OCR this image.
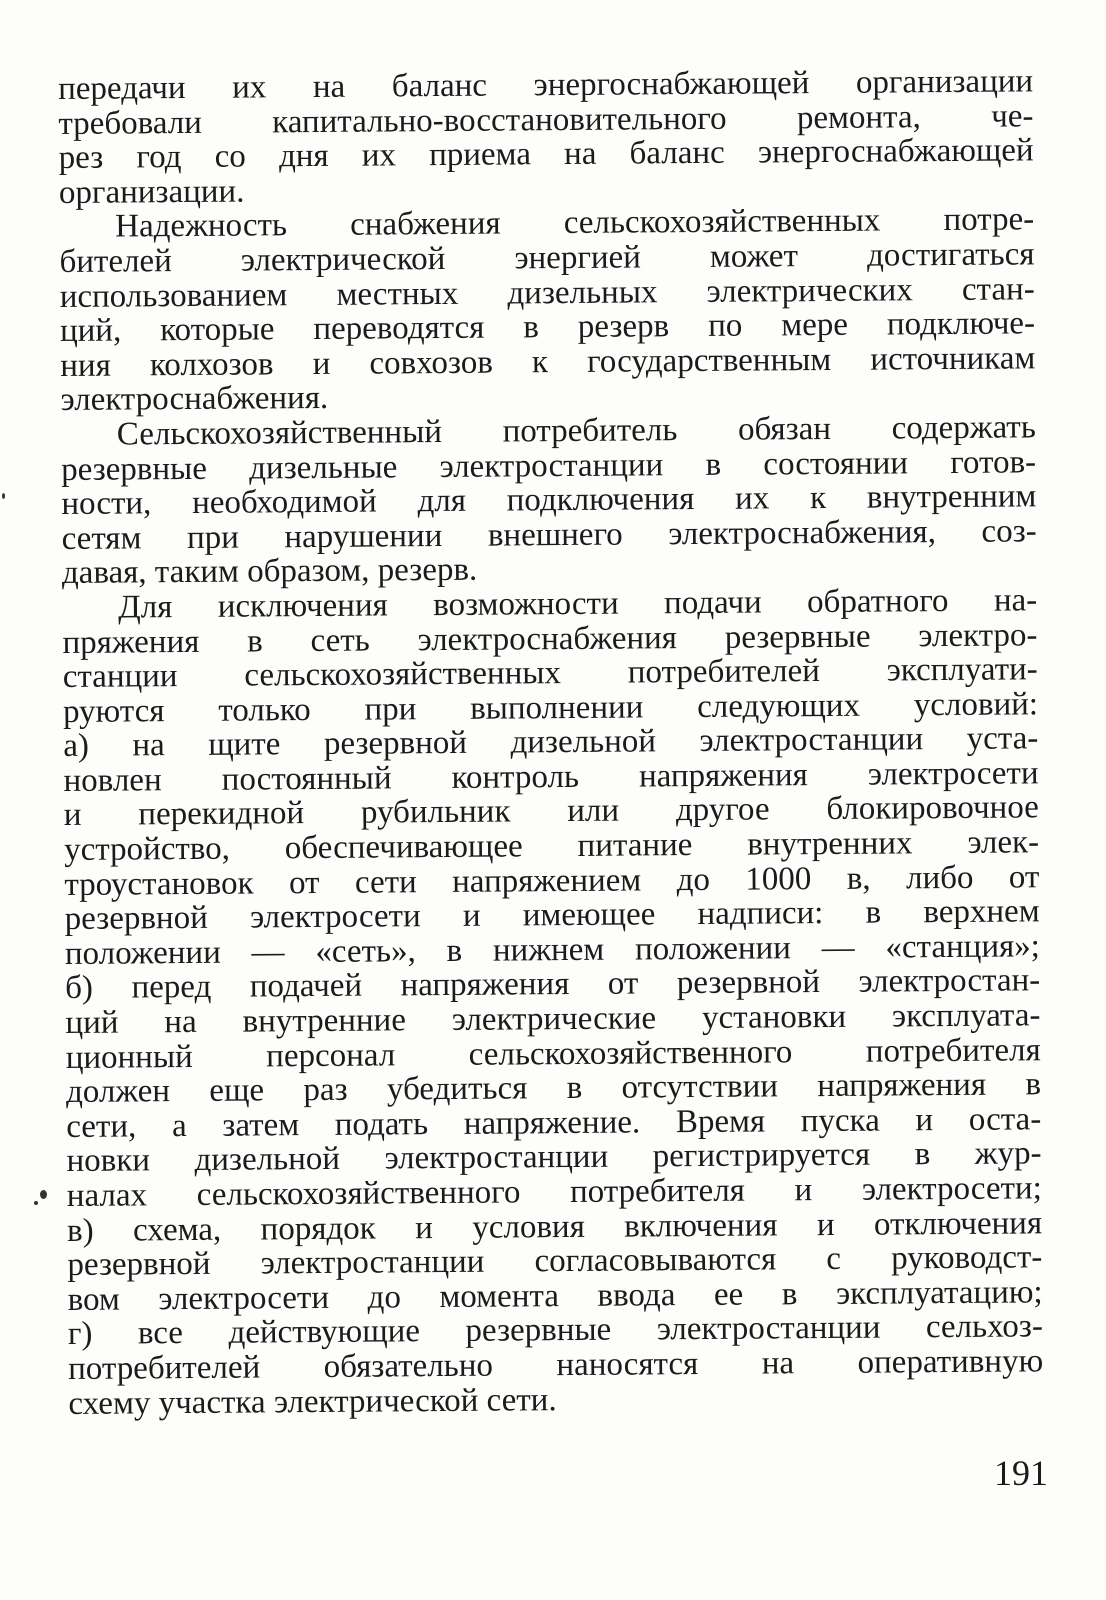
передачи их на баланс энергоснабжающей организации
требовали капитально-восстановительного ремонта, че-
рез год со дня их приема на баланс энергоснабжающей
организации.
Надежность снабжения сельскохозяйственных потре-
бителей электрической энергией может достигаться
использованием местных дизельных электрических стан-
ций, которые переводятся в резерв по мере подключе-
ния колхозов и совхозов к государственным источникам
электроснабжения.
Сельскохозяйственный потребитель обязан содержать
резервные дизельные электростанции в состоянии готов-
ности, необходимой для подключения их к внутренним
сетям при нарушении внешнего электроснабжения, соз-
давая, таким образом, резерв.
Для исключения возможности подачи обратного на-
пряжения в сеть электроснабжения резервные электро-
станции сельскохозяйственных потребителей эксплуати-
руются только при выполнении следующих условий:
а) на щите резервной дизельной электростанции уста-
новлен постоянный контроль напряжения электросети
и перекидной рубильник или другое блокировочное
устройство, обеспечивающее питание внутренних элек-
троустановок от сети напряжением до 1000 в, либо от
резервной электросети и имеющее надписи: в верхнем
положении — «сеть», в нижнем положении — «станция»;
б) перед подачей напряжения от резервной электростан-
ций на внутренние электрические установки эксплуата-
ционный персонал сельскохозяйственного потребителя
должен еще раз убедиться в отсутствии напряжения в
сети, а затем подать напряжение. Время пуска и оста-
новки дизельной электростанции регистрируется в жур-
налах сельскохозяйственного потребителя и электросети;
в) схема, порядок и условия включения и отключения
резервной электростанции согласовываются с руководст-
вом электросети до момента ввода ее в эксплуатацию;
г) все действующие резервные электростанции сельхоз-
потребителей обязательно наносятся на оперативную
схему участка электрической сети.
191
